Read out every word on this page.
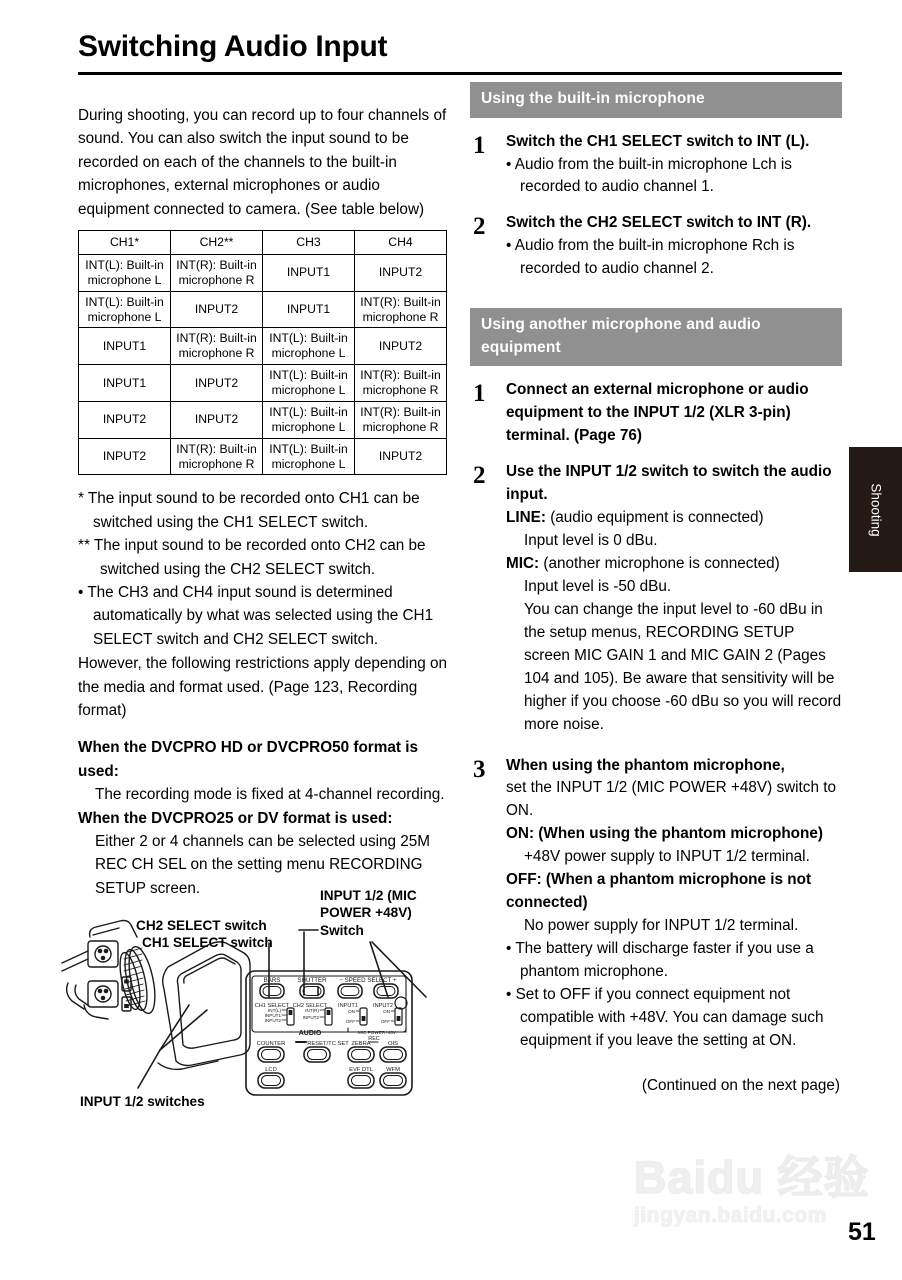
Switching Audio Input

During shooting, you can record up to four channels of sound. You can also switch the input sound to be recorded on each of the channels to the built-in microphones, external microphones or audio equipment connected to camera. (See table below)

CH1*	CH2**	CH3	CH4
INT(L): Built-in microphone L	INT(R): Built-in microphone R	INPUT1	INPUT2
INT(L): Built-in microphone L	INPUT2	INPUT1	INT(R): Built-in microphone R
INPUT1	INT(R): Built-in microphone R	INT(L): Built-in microphone L	INPUT2
INPUT1	INPUT2	INT(L): Built-in microphone L	INT(R): Built-in microphone R
INPUT2	INPUT2	INT(L): Built-in microphone L	INT(R): Built-in microphone R
INPUT2	INT(R): Built-in microphone R	INT(L): Built-in microphone L	INPUT2
* The input sound to be recorded onto CH1 can be switched using the CH1 SELECT switch.
** The input sound to be recorded onto CH2 can be switched using the CH2 SELECT switch.
• The CH3 and CH4 input sound is determined automatically by what was selected using the CH1 SELECT switch and CH2 SELECT switch.
However, the following restrictions apply depending on the media and format used. (Page 123, Recording format)
When the DVCPRO HD or DVCPRO50 format is used:
The recording mode is fixed at 4-channel recording.
When the DVCPRO25 or DV format is used:
Either 2 or 4 channels can be selected using 25M REC CH SEL on the setting menu RECORDING SETUP screen.
CH2 SELECT switch
CH1 SELECT switch
INPUT 1/2 (MIC POWER +48V) Switch
INPUT 1/2 switches
BARS	SHUTTER − SPEED SELECT +
CH1 SELECT CH2 SELECT INPUT1	INPUT2
AUDIO	MIC POWER+48V
COUNTER	RESET/TC SET ZEBRA
REC
OIS
LCD	EVF DTL WFM
INT(L)
INPUT1
INPUT2
INT(R)
INPUT2
ON
OFF
ON
OFF
Using the built-in microphone
1 Switch the CH1 SELECT switch to INT (L).
• Audio from the built-in microphone Lch is recorded to audio channel 1.
2 Switch the CH2 SELECT switch to INT (R).
• Audio from the built-in microphone Rch is recorded to audio channel 2.
Using another microphone and audio equipment
1 Connect an external microphone or audio equipment to the INPUT 1/2 (XLR 3-pin) terminal. (Page 76)
2 Use the INPUT 1/2 switch to switch the audio input.
LINE: (audio equipment is connected)
Input level is 0 dBu.
MIC: (another microphone is connected)
Input level is -50 dBu.
You can change the input level to -60 dBu in the setup menus, RECORDING SETUP screen MIC GAIN 1 and MIC GAIN 2 (Pages 104 and 105). Be aware that sensitivity will be higher if you choose -60 dBu so you will record more noise.
3 When using the phantom microphone,
set the INPUT 1/2 (MIC POWER +48V) switch to ON.
ON: (When using the phantom microphone)
+48V power supply to INPUT 1/2 terminal.
OFF: (When a phantom microphone is not connected)
No power supply for INPUT 1/2 terminal.
• The battery will discharge faster if you use a phantom microphone.
• Set to OFF if you connect equipment not compatible with +48V. You can damage such equipment if you leave the setting at ON.
(Continued on the next page)
Shooting
Baidu 经验
jingyan.baidu.com
51
